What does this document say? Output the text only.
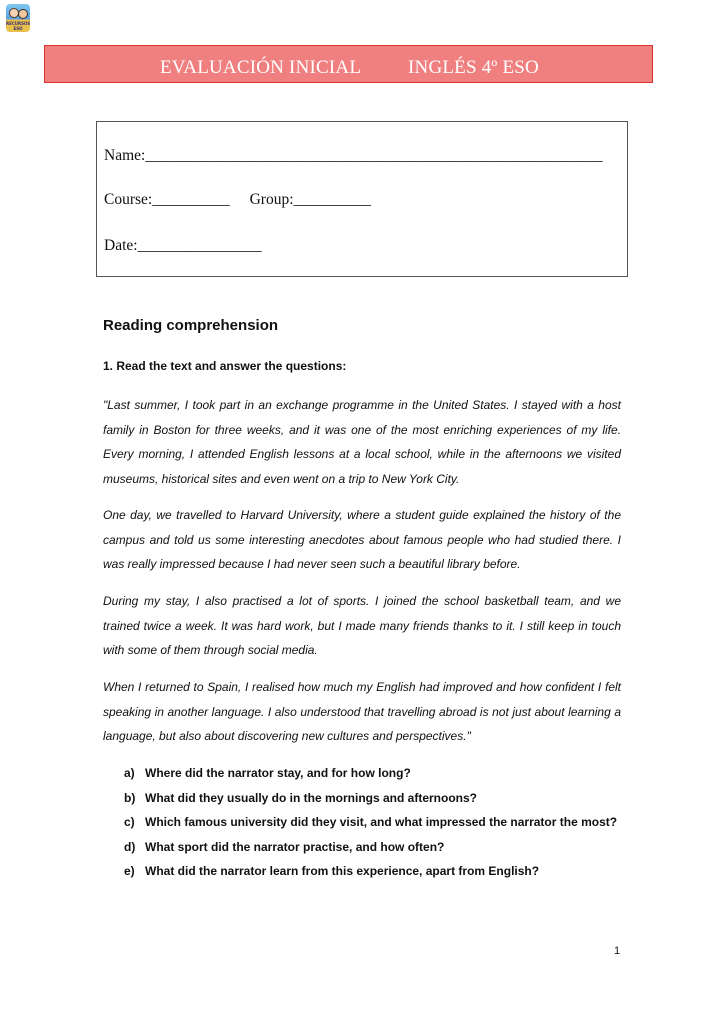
RECURSOS ESO
EVALUACIÓN INICIAL INGLÉS 4º ESO
Name:___________________________________________________________
Course:__________ Group:__________
Date:________________
Reading comprehension
1. Read the text and answer the questions:

"Last summer, I took part in an exchange programme in the United States. I stayed with a host family in Boston for three weeks, and it was one of the most enriching experiences of my life. Every morning, I attended English lessons at a local school, while in the afternoons we visited museums, historical sites and even went on a trip to New York City.

One day, we travelled to Harvard University, where a student guide explained the history of the campus and told us some interesting anecdotes about famous people who had studied there. I was really impressed because I had never seen such a beautiful library before.

During my stay, I also practised a lot of sports. I joined the school basketball team, and we trained twice a week. It was hard work, but I made many friends thanks to it. I still keep in touch with some of them through social media.

When I returned to Spain, I realised how much my English had improved and how confident I felt speaking in another language. I also understood that travelling abroad is not just about learning a language, but also about discovering new cultures and perspectives."

a) Where did the narrator stay, and for how long?
b) What did they usually do in the mornings and afternoons?
c) Which famous university did they visit, and what impressed the narrator the most?
d) What sport did the narrator practise, and how often?
e) What did the narrator learn from this experience, apart from English?
1
